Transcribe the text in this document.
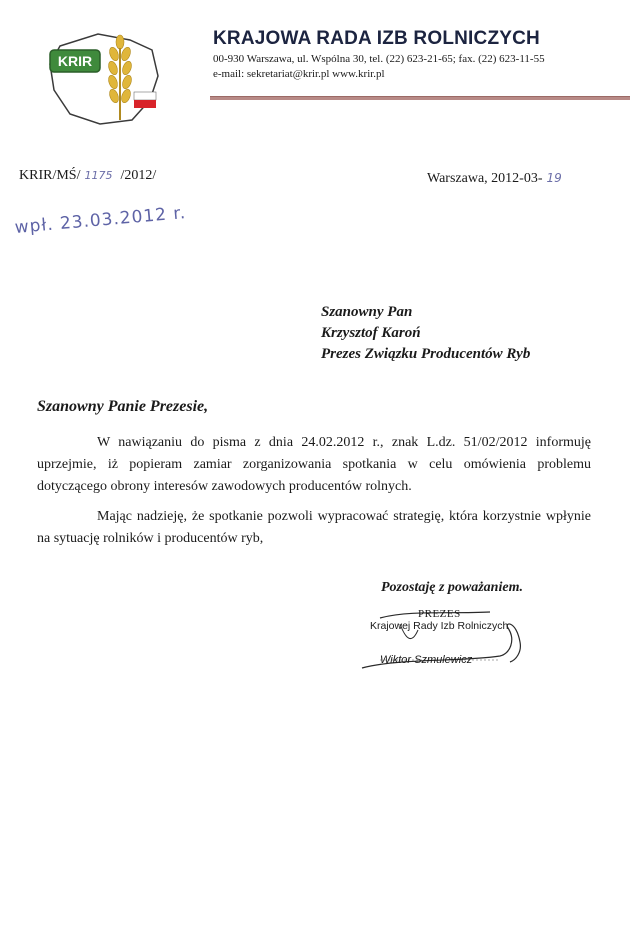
KRIR
KRAJOWA RADA IZB ROLNICZYCH
00-930 Warszawa, ul. Wspólna 30, tel. (22) 623-21-65; fax. (22) 623-11-55
e-mail: sekretariat@krir.pl www.krir.pl
KRIR/MŚ/ 1175 /2012/	Warszawa, 2012-03- 19
wpł. 23.03.2012 r.
Szanowny Pan
Krzysztof Karoń
Prezes Związku Producentów Ryb
Szanowny Panie Prezesie,

W nawiązaniu do pisma z dnia 24.02.2012 r., znak L.dz. 51/02/2012 informuję uprzejmie, iż popieram zamiar zorganizowania spotkania w celu omówienia problemu dotyczącego obrony interesów zawodowych producentów rolnych.

Mając nadzieję, że spotkanie pozwoli wypracować strategię, która korzystnie wpłynie na sytuację rolników i producentów ryb,

Pozostaję z poważaniem.
PREZES
Krajowej Rady Izb Rolniczych
Wiktor Szmulewicz
